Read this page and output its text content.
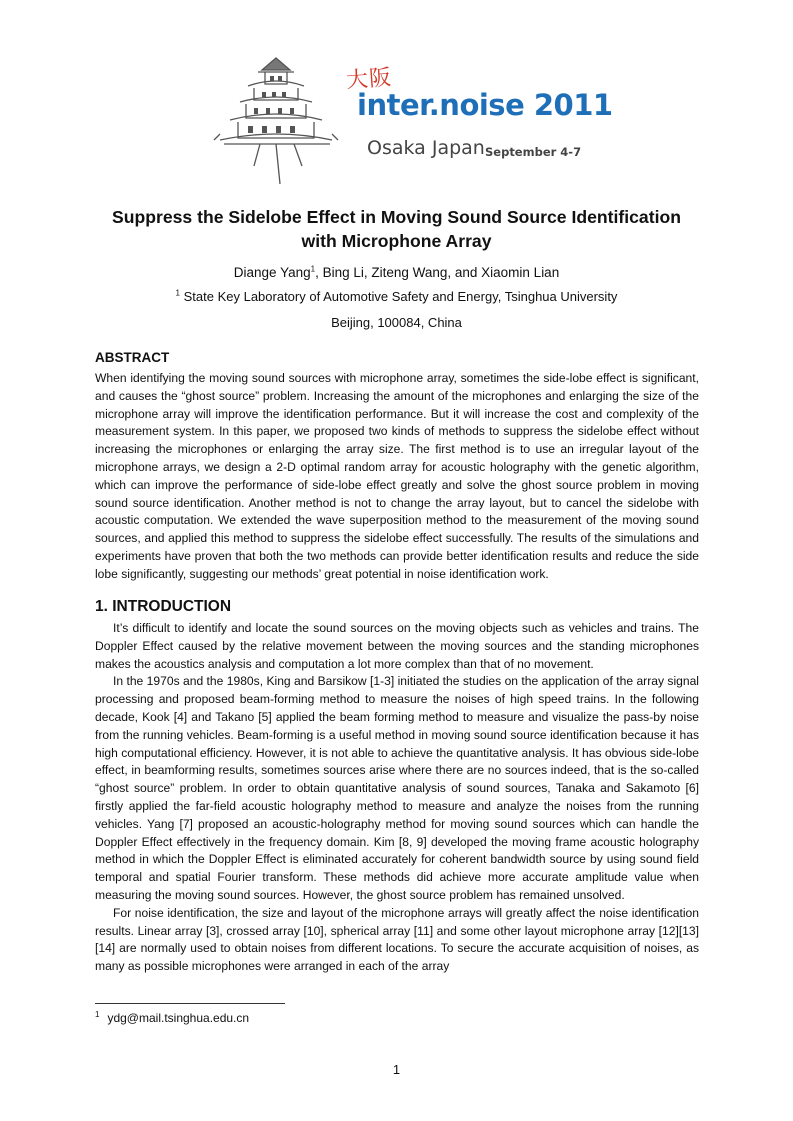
大阪
inter.noise 2011
Osaka Japan September 4-7
Suppress the Sidelobe Effect in Moving Sound Source Identification
with Microphone Array
Diange Yang$^1$, Bing Li, Ziteng Wang, and Xiaomin Lian
$^1$ State Key Laboratory of Automotive Safety and Energy, Tsinghua University
Beijing, 100084, China
ABSTRACT

When identifying the moving sound sources with microphone array, sometimes the side-lobe effect is significant, and causes the “ghost source” problem. Increasing the amount of the microphones and enlarging the size of the microphone array will improve the identification performance. But it will increase the cost and complexity of the measurement system. In this paper, we proposed two kinds of methods to suppress the sidelobe effect without increasing the microphones or enlarging the array size. The first method is to use an irregular layout of the microphone arrays, we design a 2-D optimal random array for acoustic holography with the genetic algorithm, which can improve the performance of side-lobe effect greatly and solve the ghost source problem in moving sound source identification. Another method is not to change the array layout, but to cancel the sidelobe with acoustic computation. We extended the wave superposition method to the measurement of the moving sound sources, and applied this method to suppress the sidelobe effect successfully. The results of the simulations and experiments have proven that both the two methods can provide better identification results and reduce the side lobe significantly, suggesting our methods’ great potential in noise identification work.

1. INTRODUCTION

It’s difficult to identify and locate the sound sources on the moving objects such as vehicles and trains. The Doppler Effect caused by the relative movement between the moving sources and the standing microphones makes the acoustics analysis and computation a lot more complex than that of no movement.

In the 1970s and the 1980s, King and Barsikow [1-3] initiated the studies on the application of the array signal processing and proposed beam-forming method to measure the noises of high speed trains. In the following decade, Kook [4] and Takano [5] applied the beam forming method to measure and visualize the pass-by noise from the running vehicles. Beam-forming is a useful method in moving sound source identification because it has high computational efficiency. However, it is not able to achieve the quantitative analysis. It has obvious side-lobe effect, in beamforming results, sometimes sources arise where there are no sources indeed, that is the so-called “ghost source” problem. In order to obtain quantitative analysis of sound sources, Tanaka and Sakamoto [6] firstly applied the far-field acoustic holography method to measure and analyze the noises from the running vehicles. Yang [7] proposed an acoustic-holography method for moving sound sources which can handle the Doppler Effect effectively in the frequency domain. Kim [8, 9] developed the moving frame acoustic holography method in which the Doppler Effect is eliminated accurately for coherent bandwidth source by using sound field temporal and spatial Fourier transform. These methods did achieve more accurate amplitude value when measuring the moving sound sources. However, the ghost source problem has remained unsolved.

For noise identification, the size and layout of the microphone arrays will greatly affect the noise identification results. Linear array [3], crossed array [10], spherical array [11] and some other layout microphone array [12][13][14] are normally used to obtain noises from different locations. To secure the accurate acquisition of noises, as many as possible microphones were arranged in each of the array

$^1$ ydg@mail.tsinghua.edu.cn
1
